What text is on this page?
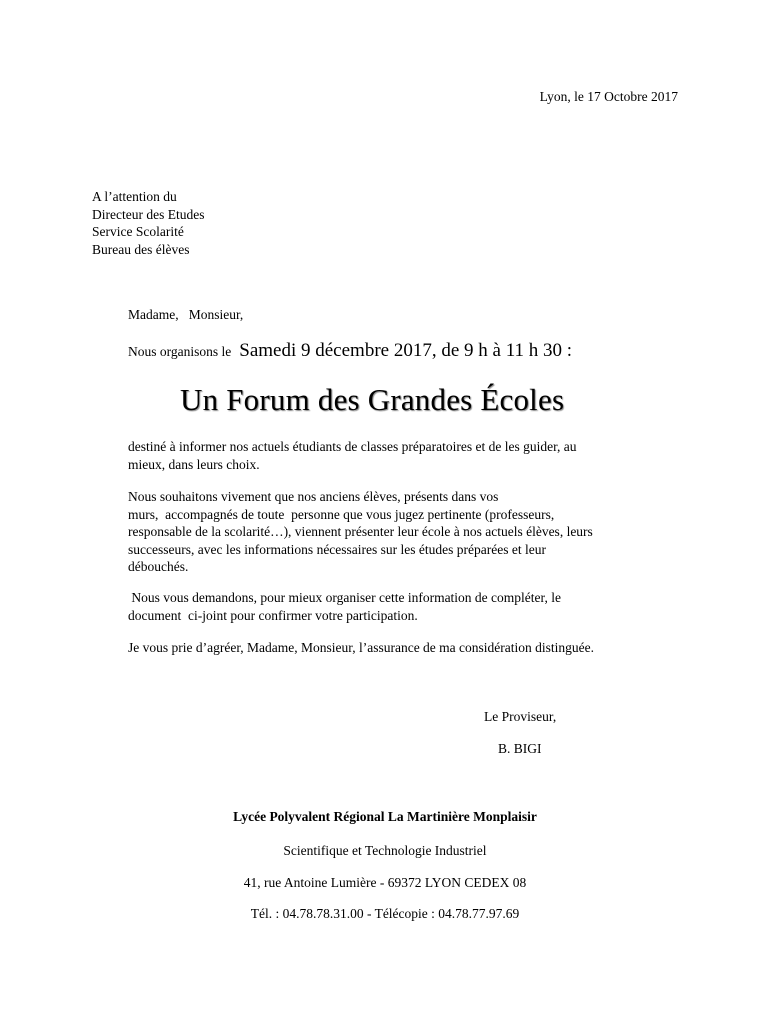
Lyon, le 17 Octobre 2017
A l’attention du
Directeur des Etudes
Service Scolarité
Bureau des élèves
Madame,   Monsieur,
Nous organisons le Samedi 9 décembre 2017, de 9 h à 11 h 30 :
Un Forum des Grandes Écoles
destiné à informer nos actuels étudiants de classes préparatoires et de les guider, au
mieux, dans leurs choix.
Nous souhaitons vivement que nos anciens élèves, présents dans vos
murs,  accompagnés de toute  personne que vous jugez pertinente (professeurs,
responsable de la scolarité…), viennent présenter leur école à nos actuels élèves, leurs
successeurs, avec les informations nécessaires sur les études préparées et leur
débouchés.
Nous vous demandons, pour mieux organiser cette information de compléter, le
document  ci-joint pour confirmer votre participation.
Je vous prie d’agréer, Madame, Monsieur, l’assurance de ma considération distinguée.
Le Proviseur,
B. BIGI
Lycée Polyvalent Régional La Martinière Monplaisir
Scientifique et Technologie Industriel
41, rue Antoine Lumière - 69372 LYON CEDEX 08
Tél. : 04.78.78.31.00 - Télécopie : 04.78.77.97.69
